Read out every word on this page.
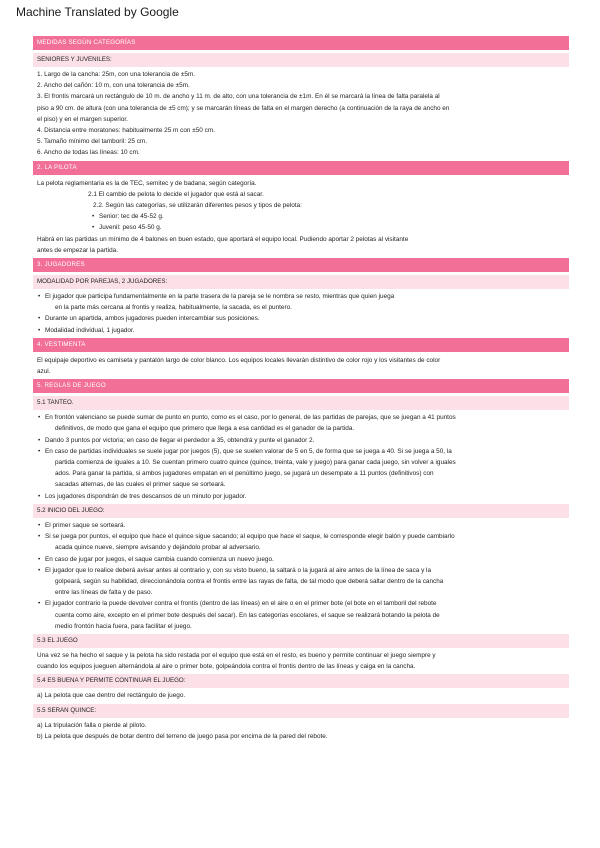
Machine Translated by Google
MEDIDAS SEGÚN CATEGORÍAS
SENIORES Y JUVENILES:
1. Largo de la cancha: 25m, con una tolerancia de ±5m.
2. Ancho del cañón: 10 m, con una tolerancia de ±5m.
3. El frontis marcará un rectángulo de 10 m. de ancho y 11 m. de alto, con una tolerancia de ±1m. En él se marcará la línea de falta paralela al
piso a 90 cm. de altura (con una tolerancia de ±5 cm); y se marcarán líneas de falta en el margen derecho (a continuación de la raya de ancho en
el piso) y en el margen superior.
4. Distancia entre moratones: habitualmente 25 m con ±50 cm.
5. Tamaño mínimo del tamboril: 25 cm.
6. Ancho de todas las líneas: 10 cm.
2. LA PILOTA
La pelota reglamentaria es la de TEC, semitec y de badana, según categoría.
2.1 El cambio de pelota lo decide el jugador que está al sacar.
2.2. Según las categorías, se utilizarán diferentes pesos y tipos de pelota:
• Senior: tec de 45-52 g.
• Juvenil: peso 45-50 g.
Habrá en las partidas un mínimo de 4 balones en buen estado, que aportará el equipo local. Pudiendo aportar 2 pelotas al visitante
antes de empezar la partida.
3. JUGADORES
MODALIDAD POR PAREJAS, 2 JUGADORES:
• El jugador que participa fundamentalmente en la parte trasera de la pareja se le nombra se resto, mientras que quien juega
en la parte más cercana al frontis y realiza, habitualmente, la sacada, es el puntero.
• Durante un apartida, ambos jugadores pueden intercambiar sus posiciones.
• Modalidad individual, 1 jugador.
4. VESTIMENTA
El equipaje deportivo es camiseta y pantalón largo de color blanco. Los equipos locales llevarán distintivo de color rojo y los visitantes de color
azul.
5. REGLAS DE JUEGO
5.1 TANTEO.
• En frontón valenciano se puede sumar de punto en punto, como es el caso, por lo general, de las partidas de parejas, que se juegan a 41 puntos
definitivos, de modo que gana el equipo que primero que llega a esa cantidad es el ganador de la partida.
• Dando 3 puntos por victoria; en caso de llegar el perdedor a 35, obtendrá y punte el ganador 2.
• En caso de partidas individuales se suele jugar por juegos (5), que se suelen valorar de 5 en 5, de forma que se juega a 40. Si se juega a 50, la
partida comienza de iguales a 10. Se cuentan primero cuatro quince (quince, treinta, vale y juego) para ganar cada juego, sin volver a iguales
ados. Para ganar la partida, si ambos jugadores empatan en el penúltimo juego, se jugará un desempate a 11 puntos (definitivos) con
sacadas alternas, de las cuales el primer saque se sorteará.
• Los jugadores dispondrán de tres descansos de un minuto por jugador.
5.2 INICIO DEL JUEGO:
• El primer saque se sorteará.
• Si se juega por puntos, el equipo que hace el quince sigue sacando; al equipo que hace el saque, le corresponde elegir balón y puede cambiarlo
acada quince nueve, siempre avisando y dejándolo probar al adversario.
• En caso de jugar por juegos, el saque cambia cuando comienza un nuevo juego.
• El jugador que lo realice deberá avisar antes al contrario y, con su visto bueno, la saltará o la jugará al aire antes de la línea de saca y la
golpeará, según su habilidad, direccionándola contra el frontis entre las rayas de falta, de tal modo que deberá saltar dentro de la cancha
entre las líneas de falta y de paso.
• El jugador contrario la puede devolver contra el frontis (dentro de las líneas) en el aire o en el primer bote (el bote en el tamboril del rebote
cuenta como aire, excepto en el primer bote después del sacar). En las categorías escolares, el saque se realizará botando la pelota de
medio frontón hacia fuera, para facilitar el juego.
5.3 EL JUEGO
Una vez se ha hecho el saque y la pelota ha sido restada por el equipo que está en el resto, es bueno y permite continuar el juego siempre y
cuando los equipos jueguen alternándola al aire o primer bote, golpeándola contra el frontis dentro de las líneas y caiga en la cancha.
5.4 ES BUENA Y PERMITE CONTINUAR EL JUEGO:
a) La pelota que cae dentro del rectángulo de juego.
5.5 SERAN QUINCE:
a) La tripulación falla o pierde al piloto.
b) La pelota que después de botar dentro del terreno de juego pasa por encima de la pared del rebote.
